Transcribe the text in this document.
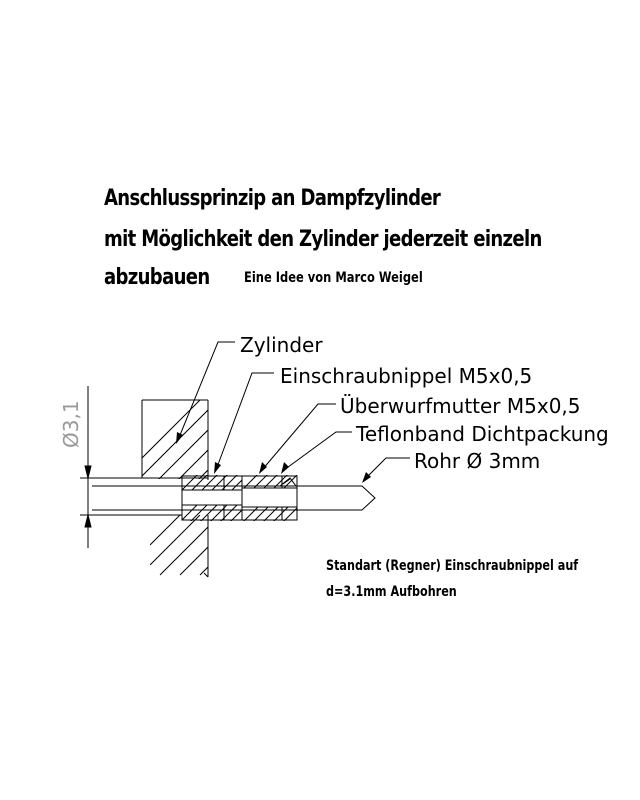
Anschlussprinzip an Dampfzylinder
mit Möglichkeit den Zylinder jederzeit einzeln
abzubauen Eine Idee von Marco Weigel
Zylinder
Einschraubnippel M5x0,5
Überwurfmutter M5x0,5
Teflonband Dichtpackung
Rohr Ø 3mm
Ø3,1
Standart (Regner) Einschraubnippel auf
d=3.1mm Aufbohren
